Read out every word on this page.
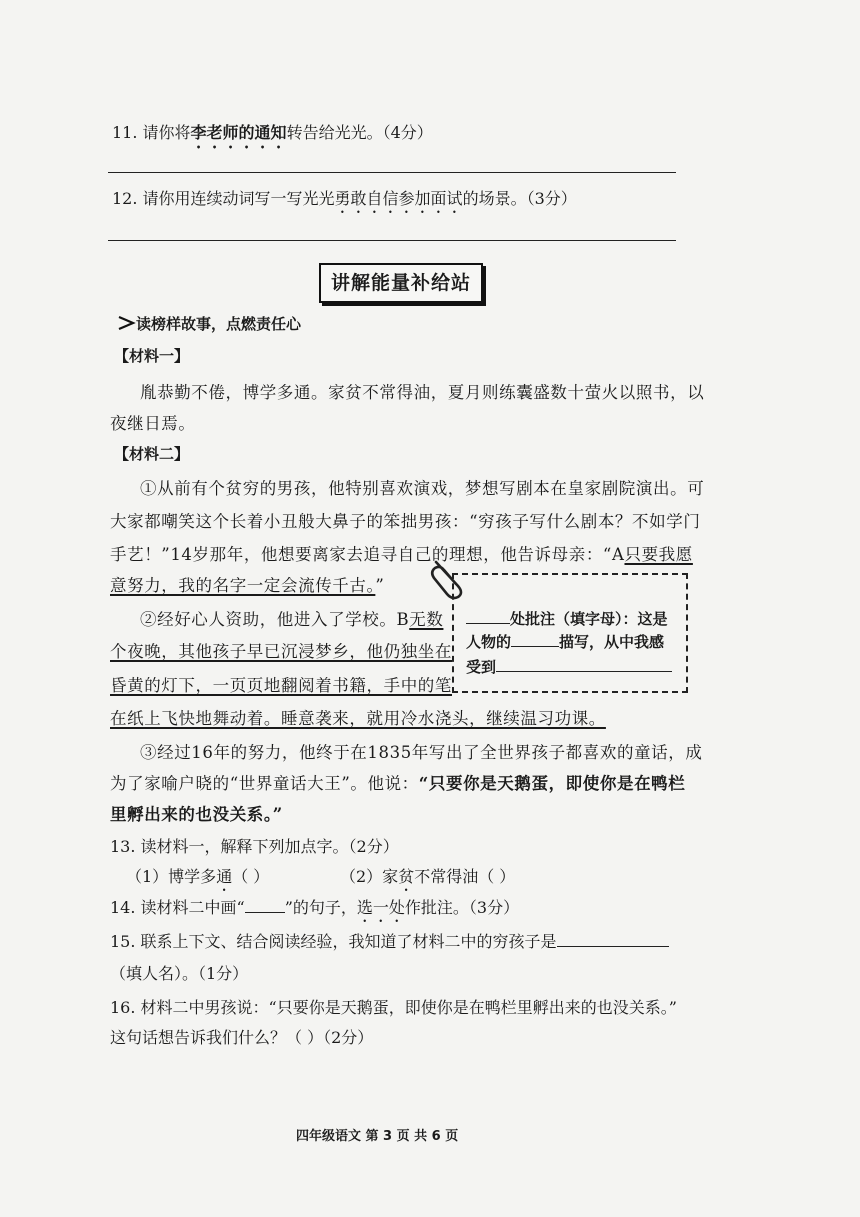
11. 请你将李老师的通知转告给光光。（4分）
12. 请你用连续动词写一写光光勇敢自信参加面试的场景。（3分）
讲解能量补给站
读榜样故事，点燃责任心
【材料一】
胤恭勤不倦，博学多通。家贫不常得油，夏月则练囊盛数十萤火以照书，以
夜继日焉。
【材料二】
①从前有个贫穷的男孩，他特别喜欢演戏，梦想写剧本在皇家剧院演出。可
大家都嘲笑这个长着小丑般大鼻子的笨拙男孩：“穷孩子写什么剧本？不如学门
手艺！”14岁那年，他想要离家去追寻自己的理想，他告诉母亲：“A只要我愿
意努力，我的名字一定会流传千古。”
②经好心人资助，他进入了学校。B无数
个夜晚，其他孩子早已沉浸梦乡，他仍独坐在
昏黄的灯下，一页页地翻阅着书籍，手中的笔
在纸上飞快地舞动着。睡意袭来，就用冷水浇头，继续温习功课。
处批注（填字母）：这是
人物的	描写，从中我感
受到
③经过16年的努力，他终于在1835年写出了全世界孩子都喜欢的童话，成
为了家喻户晓的“世界童话大王”。他说：“只要你是天鹅蛋，即使你是在鸭栏
里孵出来的也没关系。”
13. 读材料一，解释下列加点字。（2分）
（1）博学多通（ ）	（2）家贫不常得油（ ）
14. 读材料二中画“	”的句子，选一处作批注。（3分）
15. 联系上下文、结合阅读经验，我知道了材料二中的穷孩子是
（填人名）。（1分）
16. 材料二中男孩说：“只要你是天鹅蛋，即使你是在鸭栏里孵出来的也没关系。”
这句话想告诉我们什么？（ ）（2分）
四年级语文 第 3 页 共 6 页
